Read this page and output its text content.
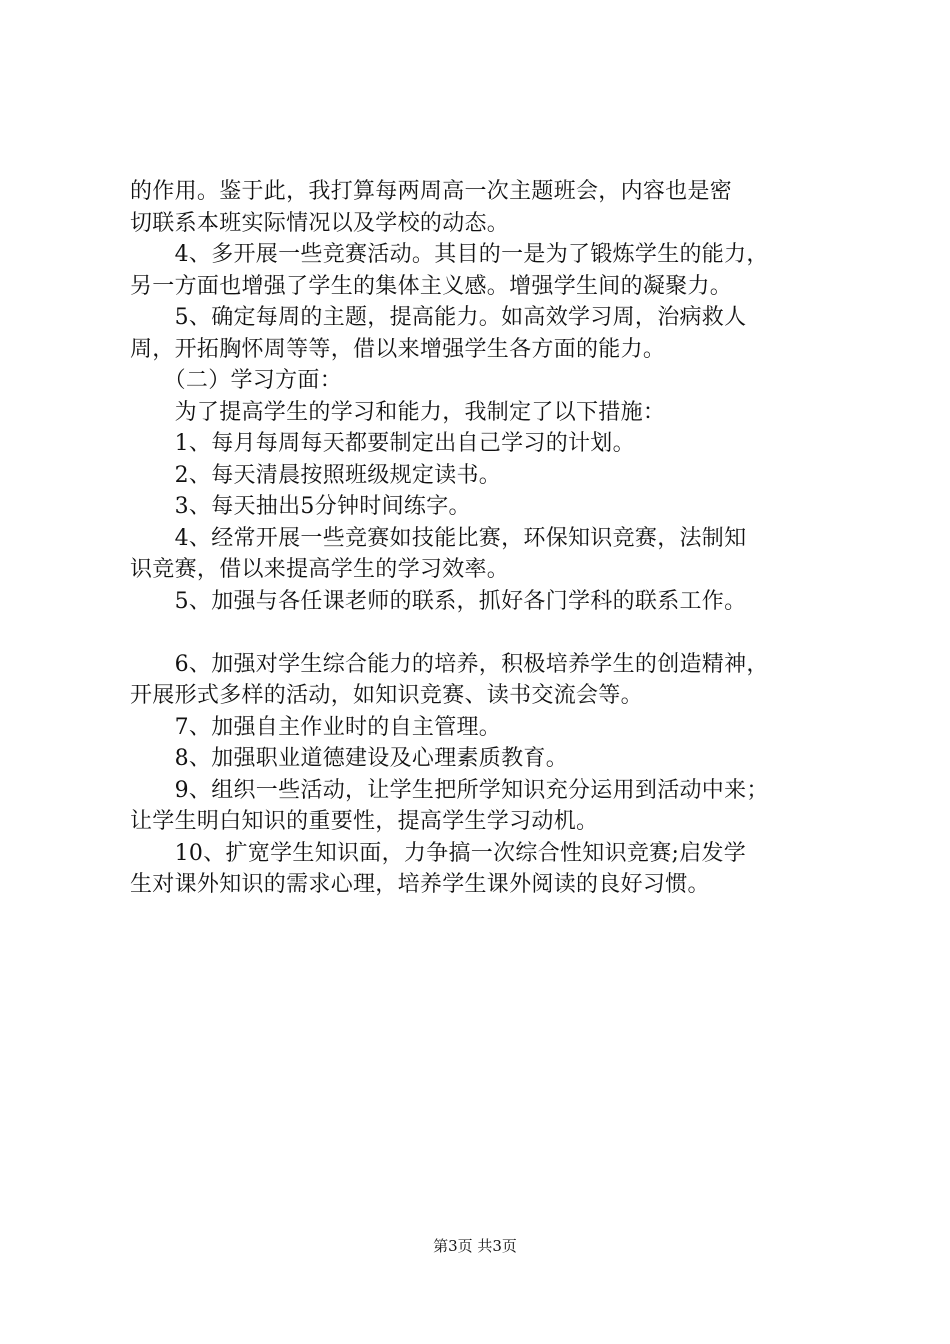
的作用。鉴于此，我打算每两周高一次主题班会，内容也是密
切联系本班实际情况以及学校的动态。
　　4、多开展一些竞赛活动。其目的一是为了锻炼学生的能力，
另一方面也增强了学生的集体主义感。增强学生间的凝聚力。
　　5、确定每周的主题，提高能力。如高效学习周，治病救人
周，开拓胸怀周等等，借以来增强学生各方面的能力。
　　（二）学习方面：
　　为了提高学生的学习和能力，我制定了以下措施：
　　1、每月每周每天都要制定出自己学习的计划。
　　2、每天清晨按照班级规定读书。
　　3、每天抽出5分钟时间练字。
　　4、经常开展一些竞赛如技能比赛，环保知识竞赛，法制知
识竞赛，借以来提高学生的学习效率。
　　5、加强与各任课老师的联系，抓好各门学科的联系工作。
　　6、加强对学生综合能力的培养，积极培养学生的创造精神，
开展形式多样的活动，如知识竞赛、读书交流会等。
　　7、加强自主作业时的自主管理。
　　8、加强职业道德建设及心理素质教育。
　　9、组织一些活动，让学生把所学知识充分运用到活动中来；
让学生明白知识的重要性，提高学生学习动机。
　　10、扩宽学生知识面，力争搞一次综合性知识竞赛;启发学
生对课外知识的需求心理，培养学生课外阅读的良好习惯。
第3页 共3页
